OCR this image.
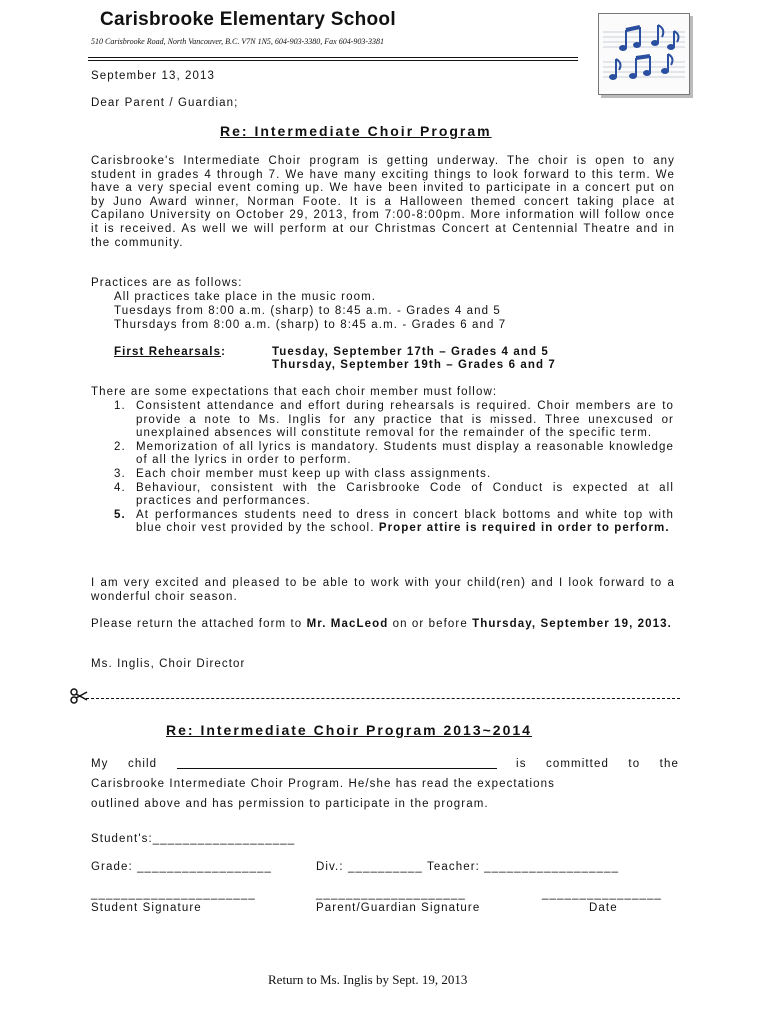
Carisbrooke Elementary School
510 Carisbrooke Road, North Vancouver, B.C. V7N 1N5, 604-903-3380, Fax 604-903-3381
September 13, 2013
Dear Parent / Guardian;
Re: Intermediate Choir Program
Carisbrooke's Intermediate Choir program is getting underway. The choir is open to any student in grades 4 through 7. We have many exciting things to look forward to this term. We have a very special event coming up. We have been invited to participate in a concert put on by Juno Award winner, Norman Foote. It is a Halloween themed concert taking place at Capilano University on October 29, 2013, from 7:00-8:00pm. More information will follow once it is received. As well we will perform at our Christmas Concert at Centennial Theatre and in the community.
Practices are as follows:
All practices take place in the music room.
Tuesdays from 8:00 a.m. (sharp) to 8:45 a.m. - Grades 4 and 5
Thursdays from 8:00 a.m. (sharp) to 8:45 a.m. - Grades 6 and 7
First Rehearsals:	Tuesday, September 17th – Grades 4 and 5
Thursday, September 19th – Grades 6 and 7
There are some expectations that each choir member must follow:
1. Consistent attendance and effort during rehearsals is required. Choir members are to provide a note to Ms. Inglis for any practice that is missed. Three unexcused or unexplained absences will constitute removal for the remainder of the specific term.
2. Memorization of all lyrics is mandatory. Students must display a reasonable knowledge of all the lyrics in order to perform.
3. Each choir member must keep up with class assignments.
4. Behaviour, consistent with the Carisbrooke Code of Conduct is expected at all practices and performances.
5. At performances students need to dress in concert black bottoms and white top with blue choir vest provided by the school. Proper attire is required in order to perform.
I am very excited and pleased to be able to work with your child(ren) and I look forward to a wonderful choir season.
Please return the attached form to Mr. MacLeod on or before Thursday, September 19, 2013.
Ms. Inglis, Choir Director
Re: Intermediate Choir Program 2013~2014
My child	is committed to the
Carisbrooke Intermediate Choir Program. He/she has read the expectations
outlined above and has permission to participate in the program.
Student's:___________________
Grade: __________________	Div.: __________ Teacher: __________________
______________________	____________________	________________
Student Signature	Parent/Guardian Signature	Date
Return to Ms. Inglis by Sept. 19, 2013
